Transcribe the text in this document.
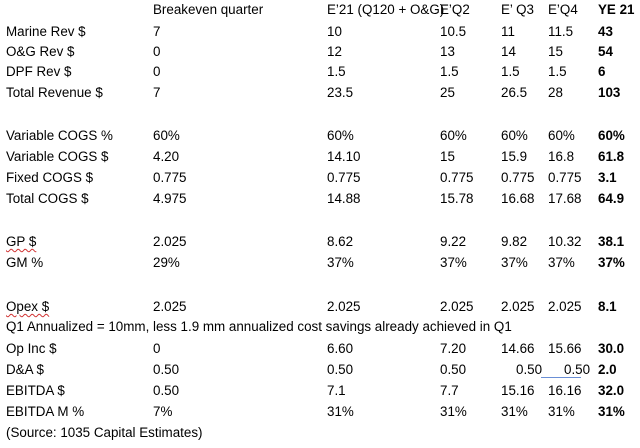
Breakeven quarter	E’21 (Q120 + O&G)
E’Q2 E’ Q3 E’Q4 YE 21
Marine Rev $	7	10	10.5	11 11.5 43
O&G Rev $	0	12	13	14 15	54
DPF Rev $	0	1.5	1.5	1.5 1.5 6
Total Revenue $	7	23.5	25	26.5 28	103
Variable COGS %	60%	60%	60%	60% 60% 60%
Variable COGS $	4.20	14.10	15	15.9 16.8 61.8
Fixed COGS $	0.775	0.775	0.775 0.775 0.775 3.1
Total COGS $	4.975	14.88	15.78 16.68 17.68 64.9
GP $	2.025	8.62	9.22	9.82 10.32 38.1
GM %	29%	37%	37%	37% 37% 37%
Opex $	2.025	2.025	2.025 2.025 2.025 8.1
Q1 Annualized = 10mm, less 1.9 mm annualized cost savings already achieved in Q1
Op Inc $	0	6.60	7.20	14.66 15.66 30.0
D&A $	0.50	0.50	0.50	0.50 0.50 2.0
EBITDA $	0.50	7.1	7.7	15.16 16.16 32.0
EBITDA M %	7%	31%	31%	31% 31% 31%
(Source: 1035 Capital Estimates)
